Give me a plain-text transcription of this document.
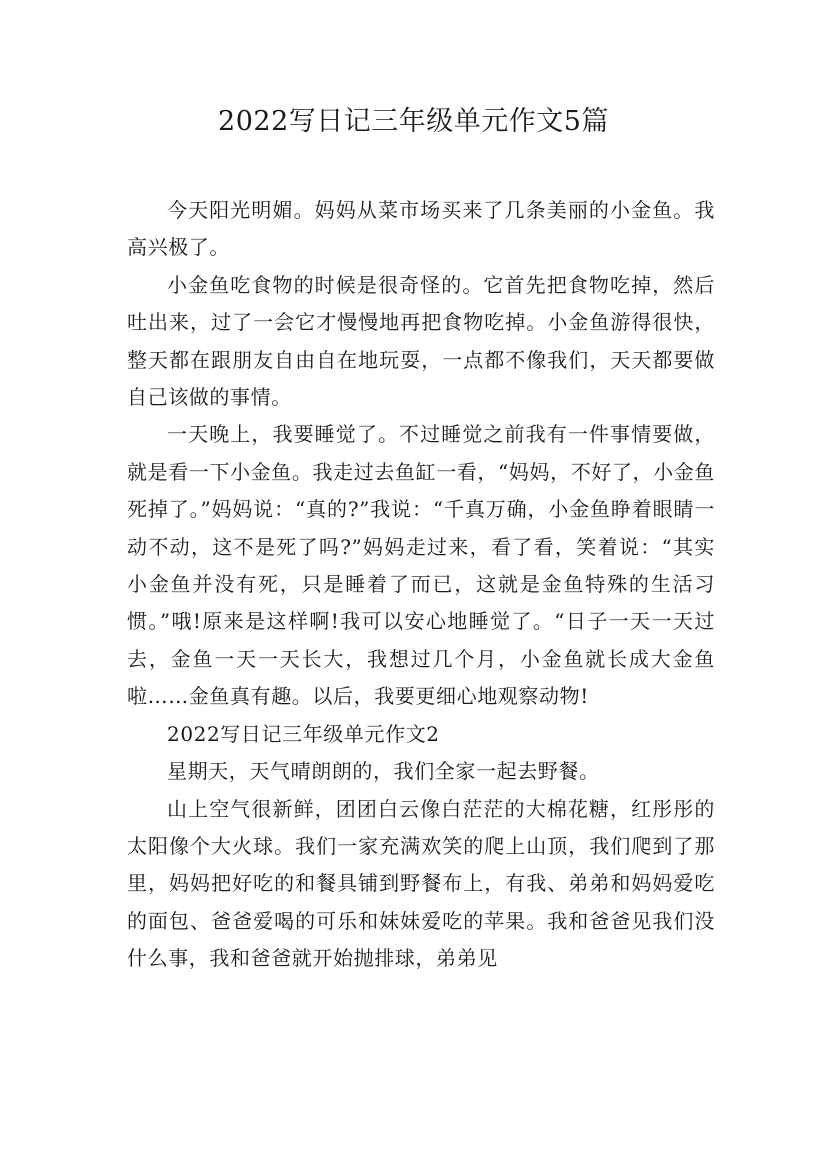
2022写日记三年级单元作文5篇

今天阳光明媚。妈妈从菜市场买来了几条美丽的小金鱼。我高兴极了。

小金鱼吃食物的时候是很奇怪的。它首先把食物吃掉，然后吐出来，过了一会它才慢慢地再把食物吃掉。小金鱼游得很快，整天都在跟朋友自由自在地玩耍，一点都不像我们，天天都要做自己该做的事情。

一天晚上，我要睡觉了。不过睡觉之前我有一件事情要做，就是看一下小金鱼。我走过去鱼缸一看，“妈妈，不好了，小金鱼死掉了。”妈妈说：“真的?”我说：“千真万确，小金鱼睁着眼睛一动不动，这不是死了吗?”妈妈走过来，看了看，笑着说：“其实小金鱼并没有死，只是睡着了而已，这就是金鱼特殊的生活习惯。”哦!原来是这样啊!我可以安心地睡觉了。“日子一天一天过去，金鱼一天一天长大，我想过几个月，小金鱼就长成大金鱼啦……金鱼真有趣。以后，我要更细心地观察动物!

2022写日记三年级单元作文2

星期天，天气晴朗朗的，我们全家一起去野餐。

山上空气很新鲜，团团白云像白茫茫的大棉花糖，红彤彤的太阳像个大火球。我们一家充满欢笑的爬上山顶，我们爬到了那里，妈妈把好吃的和餐具铺到野餐布上，有我、弟弟和妈妈爱吃的面包、爸爸爱喝的可乐和妹妹爱吃的苹果。我和爸爸见我们没什么事，我和爸爸就开始抛排球，弟弟见
